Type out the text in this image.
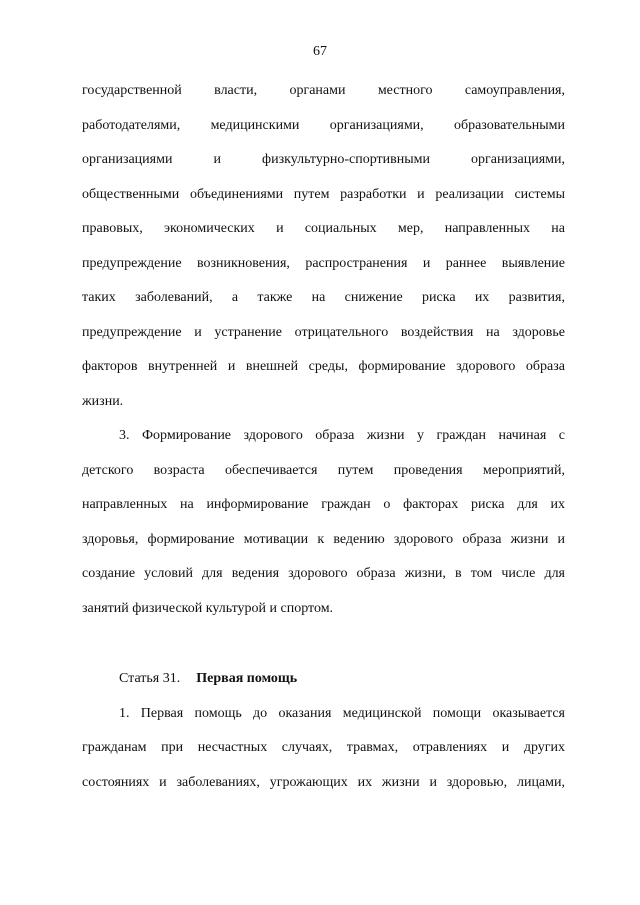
67
государственной власти, органами местного самоуправления,
работодателями, медицинскими организациями, образовательными
организациями и физкультурно-спортивными организациями,
общественными объединениями путем разработки и реализации системы
правовых, экономических и социальных мер, направленных на
предупреждение возникновения, распространения и раннее выявление
таких заболеваний, а также на снижение риска их развития,
предупреждение и устранение отрицательного воздействия на здоровье
факторов внутренней и внешней среды, формирование здорового образа
жизни.
3. Формирование здорового образа жизни у граждан начиная с
детского возраста обеспечивается путем проведения мероприятий,
направленных на информирование граждан о факторах риска для их
здоровья, формирование мотивации к ведению здорового образа жизни и
создание условий для ведения здорового образа жизни, в том числе для
занятий физической культурой и спортом.
Статья 31. Первая помощь
1. Первая помощь до оказания медицинской помощи оказывается
гражданам при несчастных случаях, травмах, отравлениях и других
состояниях и заболеваниях, угрожающих их жизни и здоровью, лицами,
